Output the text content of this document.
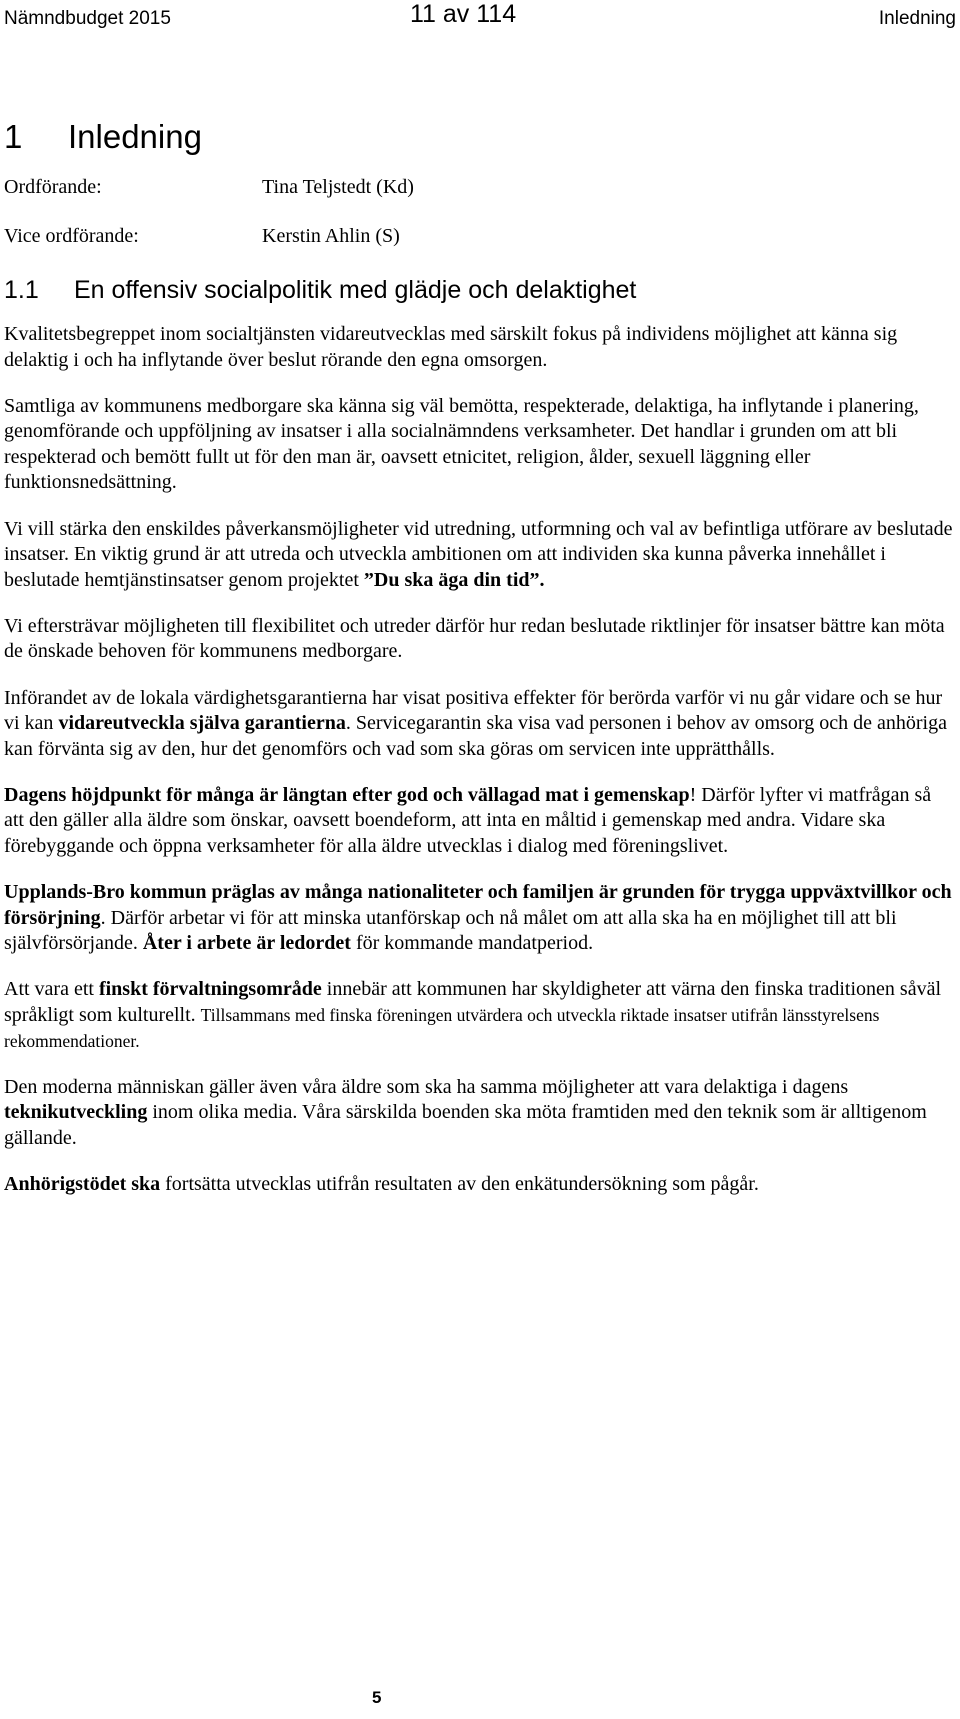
Nämndbudget 2015	11 av 114	Inledning
1 Inledning
Ordförande:	Tina Teljstedt (Kd)
Vice ordförande:	Kerstin Ahlin (S)
1.1 En offensiv socialpolitik med glädje och delaktighet

Kvalitetsbegreppet inom socialtjänsten vidareutvecklas med särskilt fokus på individens möjlighet att känna sig delaktig i och ha inflytande över beslut rörande den egna omsorgen.

Samtliga av kommunens medborgare ska känna sig väl bemötta, respekterade, delaktiga, ha inflytande i planering, genomförande och uppföljning av insatser i alla socialnämndens verksamheter. Det handlar i grunden om att bli respekterad och bemött fullt ut för den man är, oavsett etnicitet, religion, ålder, sexuell läggning eller funktionsnedsättning.

Vi vill stärka den enskildes påverkansmöjligheter vid utredning, utformning och val av befintliga utförare av beslutade insatser. En viktig grund är att utreda och utveckla ambitionen om att individen ska kunna påverka innehållet i beslutade hemtjänstinsatser genom projektet ”Du ska äga din tid”.

Vi eftersträvar möjligheten till flexibilitet och utreder därför hur redan beslutade riktlinjer för insatser bättre kan möta de önskade behoven för kommunens medborgare.

Införandet av de lokala värdighetsgarantierna har visat positiva effekter för berörda varför vi nu går vidare och se hur vi kan vidareutveckla själva garantierna. Servicegarantin ska visa vad personen i behov av omsorg och de anhöriga kan förvänta sig av den, hur det genomförs och vad som ska göras om servicen inte upprätthålls.

Dagens höjdpunkt för många är längtan efter god och vällagad mat i gemenskap! Därför lyfter vi matfrågan så att den gäller alla äldre som önskar, oavsett boendeform, att inta en måltid i gemenskap med andra. Vidare ska förebyggande och öppna verksamheter för alla äldre utvecklas i dialog med föreningslivet.

Upplands-Bro kommun präglas av många nationaliteter och familjen är grunden för trygga uppväxtvillkor och försörjning. Därför arbetar vi för att minska utanförskap och nå målet om att alla ska ha en möjlighet till att bli självförsörjande. Åter i arbete är ledordet för kommande mandatperiod.

Att vara ett finskt förvaltningsområde innebär att kommunen har skyldigheter att värna den finska traditionen såväl språkligt som kulturellt. Tillsammans med finska föreningen utvärdera och utveckla riktade insatser utifrån länsstyrelsens rekommendationer.

Den moderna människan gäller även våra äldre som ska ha samma möjligheter att vara delaktiga i dagens teknikutveckling inom olika media. Våra särskilda boenden ska möta framtiden med den teknik som är alltigenom gällande.

Anhörigstödet ska fortsätta utvecklas utifrån resultaten av den enkätundersökning som pågår.

5
